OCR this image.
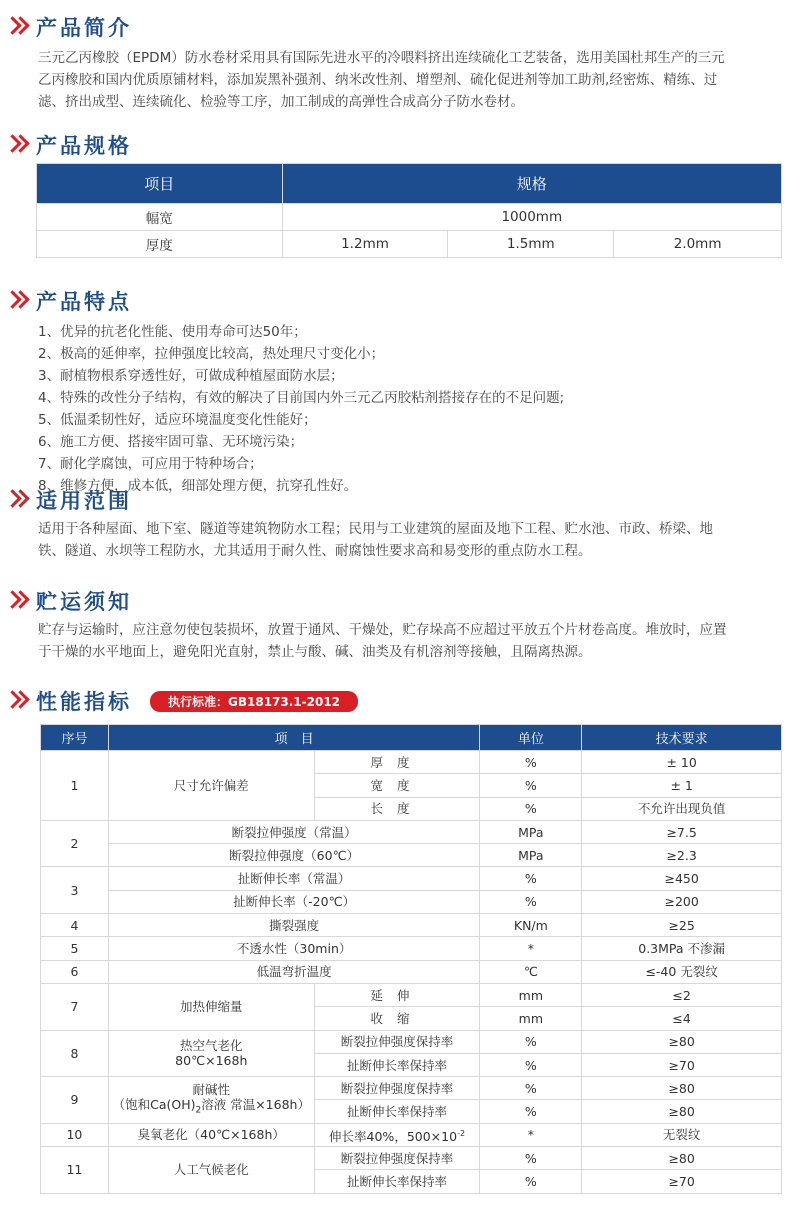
产品简介

三元乙丙橡胶（EPDM）防水卷材采用具有国际先进水平的冷喂料挤出连续硫化工艺装备，选用美国杜邦生产的三元

乙丙橡胶和国内优质原铺材料，添加炭黑补强剂、纳米改性剂、增塑剂、硫化促进剂等加工助剂,经密炼、精练、过

滤、挤出成型、连续硫化、检验等工序，加工制成的高弹性合成高分子防水卷材。

产品规格
项目	规格		
幅宽	1000mm		
厚度	1.2mm	1.5mm	2.0mm
产品特点

1、优异的抗老化性能、使用寿命可达50年；

2、极高的延伸率，拉伸强度比较高，热处理尺寸变化小；

3、耐植物根系穿透性好，可做成种植屋面防水层；

4、特殊的改性分子结构，有效的解决了目前国内外三元乙丙胶粘剂搭接存在的不足问题;

5、低温柔韧性好，适应环境温度变化性能好；

6、施工方便、搭接牢固可靠、无环境污染；

7、耐化学腐蚀，可应用于特种场合；

8、维修方便，成本低，细部处理方便，抗穿孔性好。

适用范围

适用于各种屋面、地下室、隧道等建筑物防水工程；民用与工业建筑的屋面及地下工程、贮水池、市政、桥梁、地

铁、隧道、水坝等工程防水，尤其适用于耐久性、耐腐蚀性要求高和易变形的重点防水工程。

贮运须知

贮存与运输时，应注意勿使包装损坏，放置于通风、干燥处，贮存垛高不应超过平放五个片材卷高度。堆放时，应置

于干燥的水平地面上，避免阳光直射，禁止与酸、碱、油类及有机溶剂等接触，且隔离热源。

性能指标	执行标准：GB18173.1-2012
序号	项　目		单位	技术要求
1	尺寸允许偏差	厚度	%	± 10
		宽度	%	± 1
		长度	%	不允许出现负值
2	断裂拉伸强度（常温）		MPa	≥7.5
	断裂拉伸强度（60℃）		MPa	≥2.3
3	扯断伸长率（常温）		%	≥450
	扯断伸长率（-20℃）		%	≥200
4	撕裂强度		KN/m	≥25
5	不透水性（30min）		*	0.3MPa 不渗漏
6	低温弯折温度		℃	≤-40 无裂纹
7	加热伸缩量	延伸	mm	≤2
		收缩	mm	≤4
8	热空气老化
80℃×168h	断裂拉伸强度保持率	%	≥80
		扯断伸长率保持率	%	≥70
9	耐碱性
（饱和$Ca(OH)_2$溶液 常温×168h）	断裂拉伸强度保持率	%	≥80
		扯断伸长率保持率	%	≥80
10	臭氧老化（40℃×168h）	伸长率40%，$500\times 10^{-2}$	*	无裂纹
11	人工气候老化	断裂拉伸强度保持率	%	≥80
		扯断伸长率保持率	%	≥70
